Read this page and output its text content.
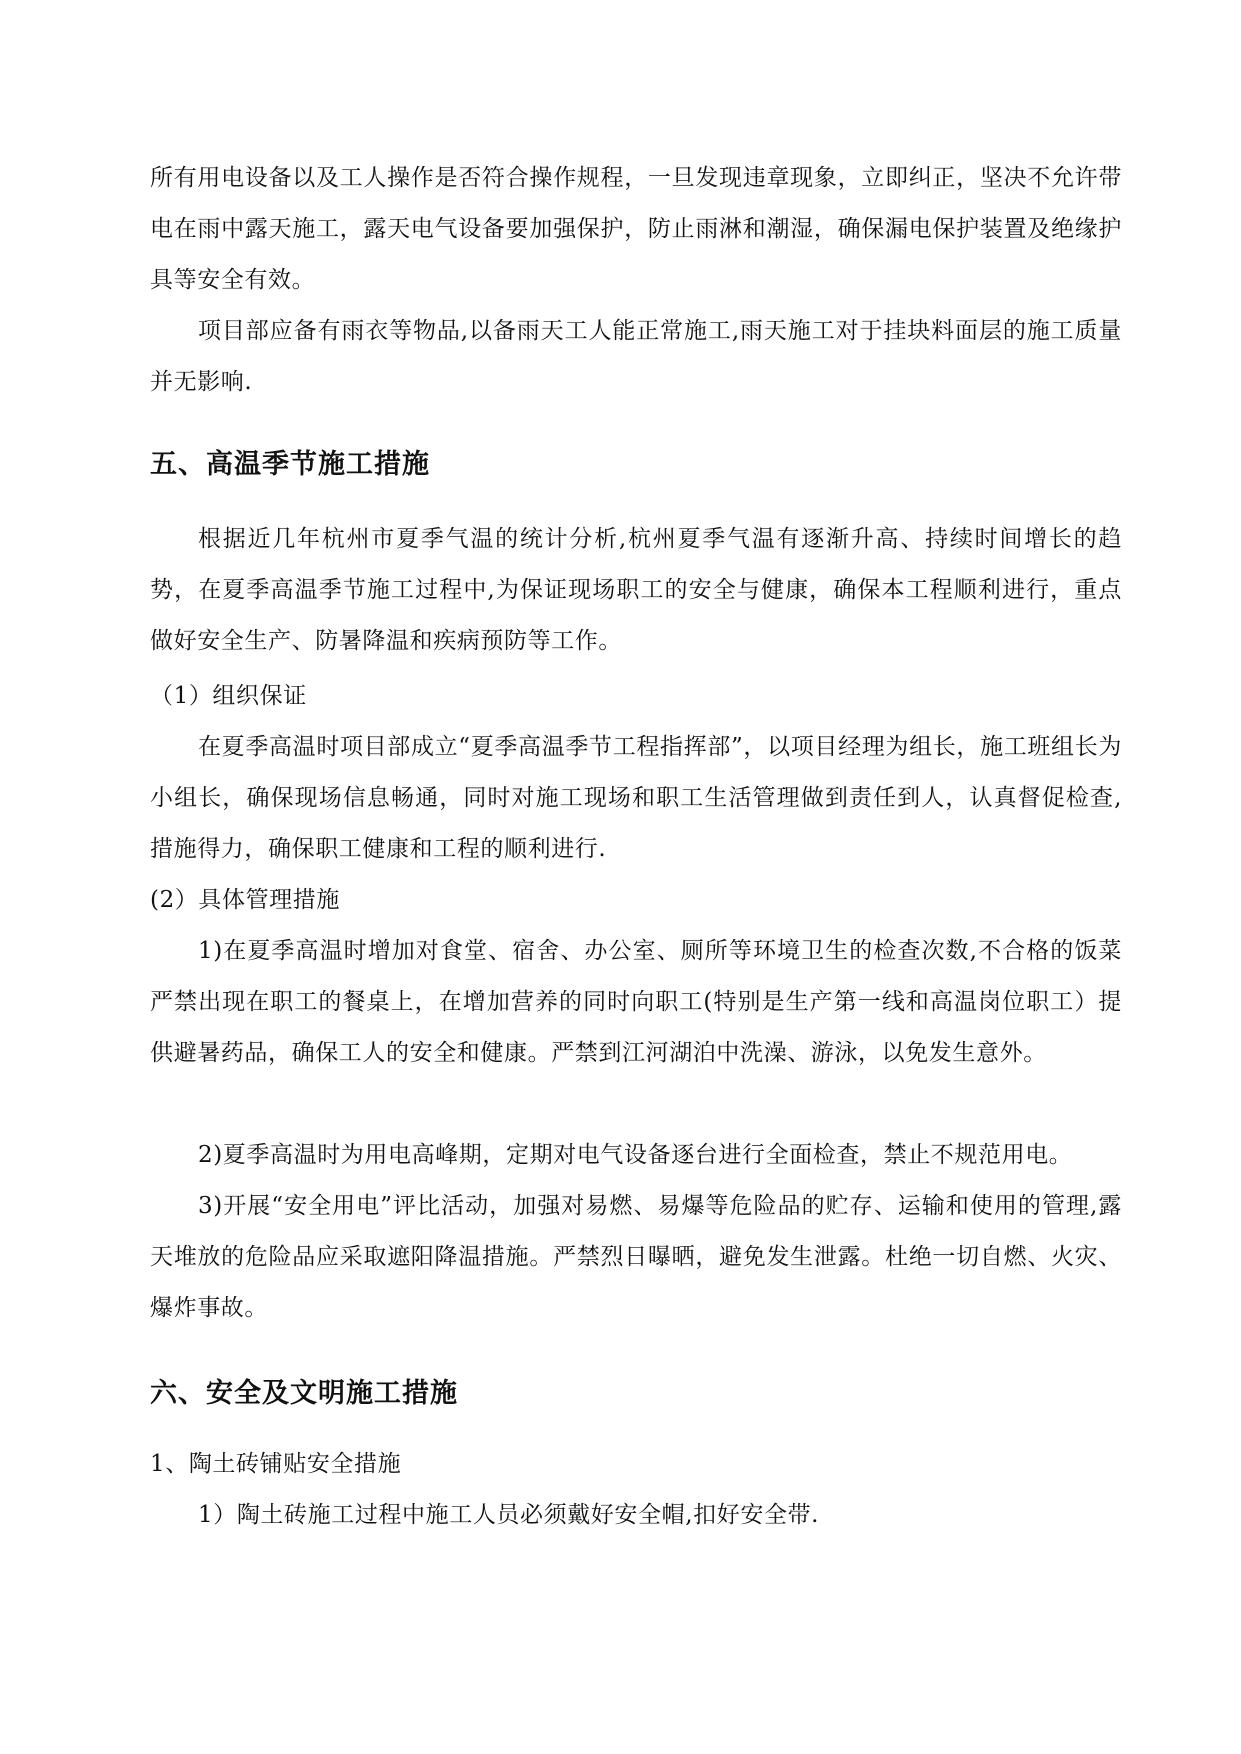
所有用电设备以及工人操作是否符合操作规程，一旦发现违章现象，立即纠正，坚决不允许带电在雨中露天施工，露天电气设备要加强保护，防止雨淋和潮湿，确保漏电保护装置及绝缘护具等安全有效。

项目部应备有雨衣等物品,以备雨天工人能正常施工,雨天施工对于挂块料面层的施工质量并无影响.

五、高温季节施工措施

根据近几年杭州市夏季气温的统计分析,杭州夏季气温有逐渐升高、持续时间增长的趋势，在夏季高温季节施工过程中,为保证现场职工的安全与健康，确保本工程顺利进行，重点做好安全生产、防暑降温和疾病预防等工作。

（1）组织保证

在夏季高温时项目部成立“夏季高温季节工程指挥部”，以项目经理为组长，施工班组长为小组长，确保现场信息畅通，同时对施工现场和职工生活管理做到责任到人，认真督促检查,措施得力，确保职工健康和工程的顺利进行.

(2）具体管理措施

1)在夏季高温时增加对食堂、宿舍、办公室、厕所等环境卫生的检查次数,不合格的饭菜严禁出现在职工的餐桌上，在增加营养的同时向职工(特别是生产第一线和高温岗位职工）提供避暑药品，确保工人的安全和健康。严禁到江河湖泊中洗澡、游泳，以免发生意外。

2)夏季高温时为用电高峰期，定期对电气设备逐台进行全面检查，禁止不规范用电。

3)开展“安全用电”评比活动，加强对易燃、易爆等危险品的贮存、运输和使用的管理,露天堆放的危险品应采取遮阳降温措施。严禁烈日曝晒，避免发生泄露。杜绝一切自燃、火灾、爆炸事故。

六、安全及文明施工措施

1、陶土砖铺贴安全措施

1）陶土砖施工过程中施工人员必须戴好安全帽,扣好安全带.
